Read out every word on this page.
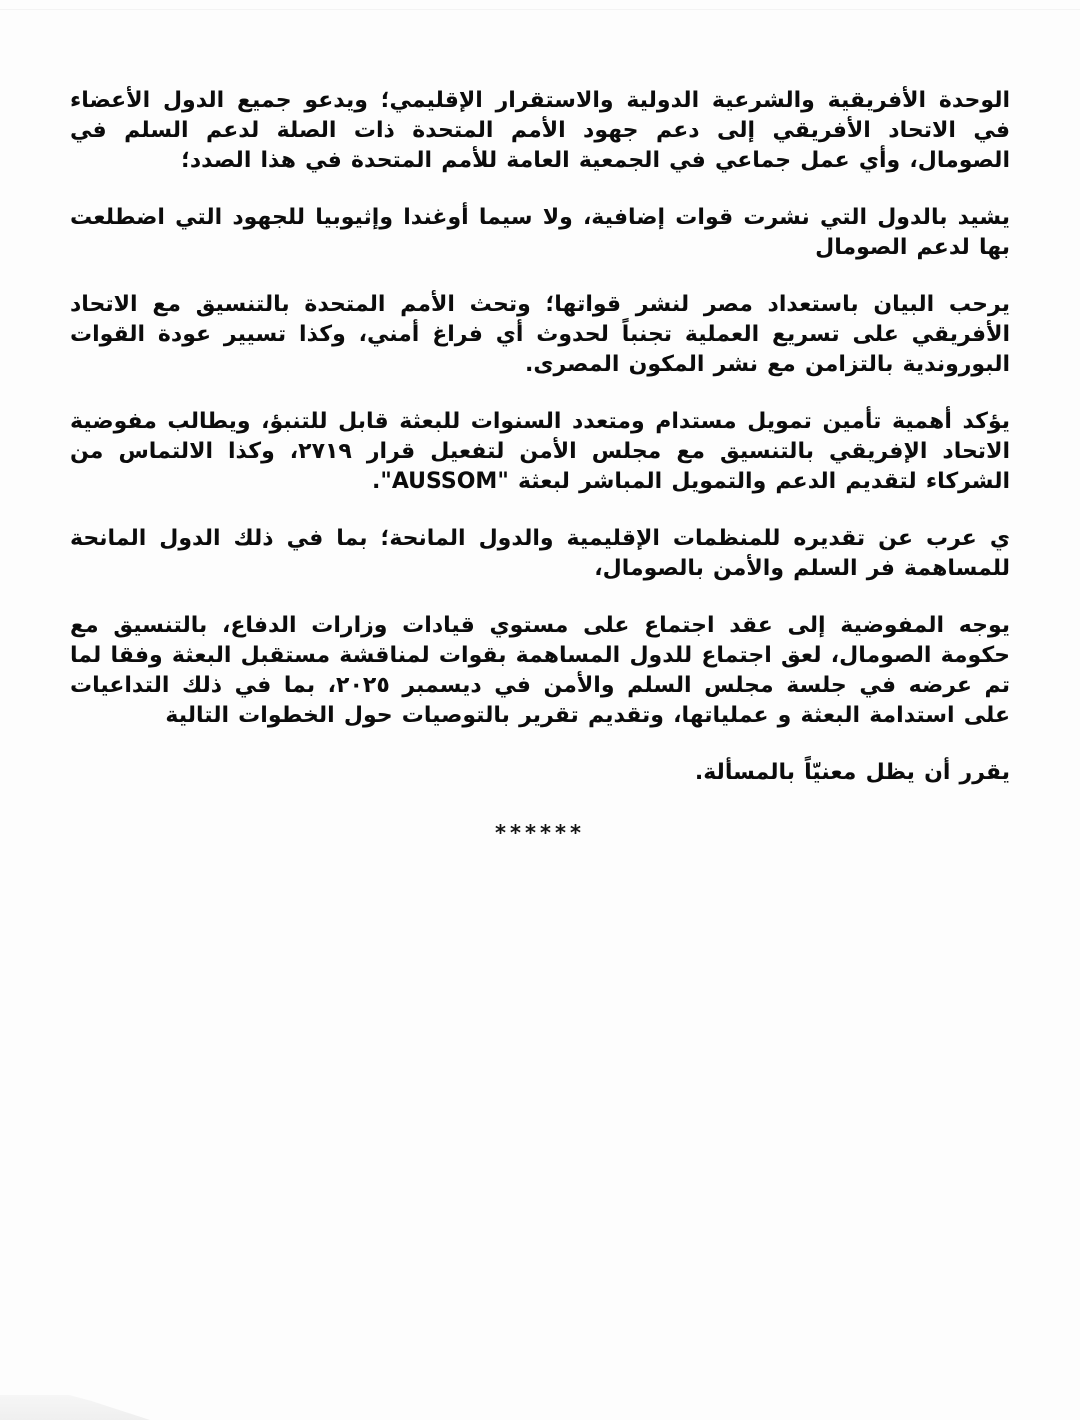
الوحدة الأفريقية والشرعية الدولية والاستقرار الإقليمي؛ ويدعو جميع الدول الأعضاء في الاتحاد الأفريقي إلى دعم جهود الأمم المتحدة ذات الصلة لدعم السلم في الصومال، وأي عمل جماعي في الجمعية العامة للأمم المتحدة في هذا الصدد؛

يشيد بالدول التي نشرت قوات إضافية، ولا سيما أوغندا وإثيوبيا للجهود التي اضطلعت بها لدعم الصومال

يرحب البيان باستعداد مصر لنشر قواتها؛ وتحث الأمم المتحدة بالتنسيق مع الاتحاد الأفريقي على تسريع العملية تجنباً لحدوث أي فراغ أمني، وكذا تسيير عودة القوات البوروندية بالتزامن مع نشر المكون المصرى.

يؤكد أهمية تأمين تمويل مستدام ومتعدد السنوات للبعثة قابل للتنبؤ، ويطالب مفوضية الاتحاد الإفريقي بالتنسيق مع مجلس الأمن لتفعيل قرار ٢٧١٩، وكذا الالتماس من الشركاء لتقديم الدعم والتمويل المباشر لبعثة "AUSSOM".

ي عرب عن تقديره للمنظمات الإقليمية والدول المانحة؛ بما في ذلك الدول المانحة للمساهمة فر السلم والأمن بالصومال،

يوجه المفوضية إلى عقد اجتماع على مستوي قيادات وزارات الدفاع، بالتنسيق مع حكومة الصومال، لعق اجتماع للدول المساهمة بقوات لمناقشة مستقبل البعثة وفقا لما تم عرضه في جلسة مجلس السلم والأمن في ديسمبر ٢٠٢٥، بما في ذلك التداعيات على استدامة البعثة و عملياتها، وتقديم تقرير بالتوصيات حول الخطوات التالية

يقرر أن يظل معنيّاً بالمسألة.

******
